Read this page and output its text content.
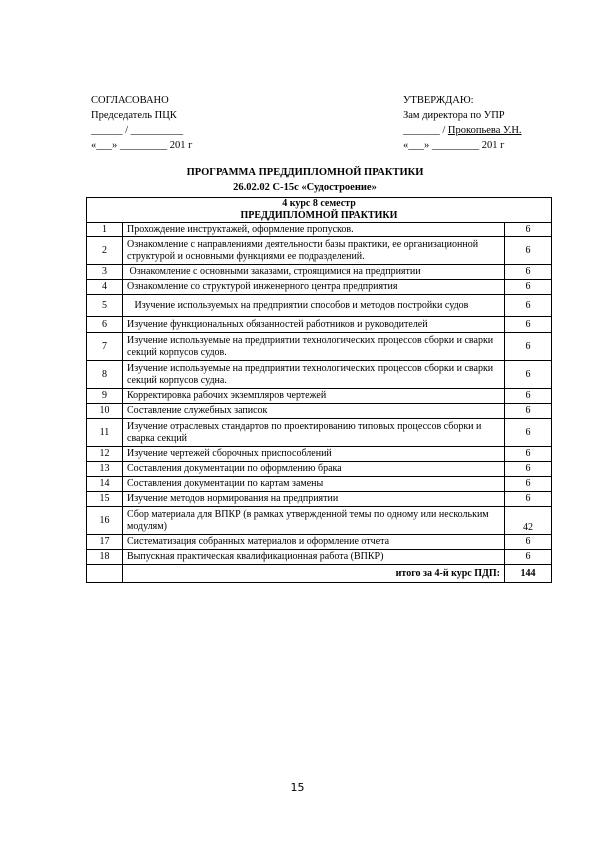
СОГЛАСОВАНО
Председатель ПЦК
______ / __________
«___» _________ 201 г
УТВЕРЖДАЮ:
Зам директора по УПР
_______ / Прокопьева У.Н.
«___» _________ 201 г
ПРОГРАММА ПРЕДДИПЛОМНОЙ ПРАКТИКИ
26.02.02 С-15с «Судостроение»
4 курс 8 семестр
ПРЕДДИПЛОМНОЙ ПРАКТИКИ		

1	Прохождение инструктажей, оформление пропусков.	6
2	Ознакомление с направлениями деятельности базы практики, ее организационной структурой и основными функциями ее подразделений.	6
3	Ознакомление с основными заказами, строящимися на предприятии	6
4	Ознакомление со структурой инженерного центра предприятия	6
5	Изучение используемых на предприятии способов и методов постройки судов	6
6	Изучение функциональных обязанностей работников и руководителей	6
7	Изучение используемые на предприятии технологических процессов сборки и сварки секций корпусов судов.	6
8	Изучение используемые на предприятии технологических процессов сборки и сварки секций корпусов судна.	6
9	Корректировка рабочих экземпляров чертежей	6
10	Составление служебных записок	6
11	Изучение отраслевых стандартов по проектированию типовых процессов сборки и сварка секций	6
12	Изучение чертежей сборочных приспособлений	6
13	Составления документации по оформлению брака	6
14	Составления документации по картам замены	6
15	Изучение методов нормирования на предприятии	6
16	Сбор материала для ВПКР (в рамках утвержденной темы по одному или нескольким модулям)	42
17	Систематизация собранных материалов и оформление отчета	6
18	Выпускная практическая квалификационная работа (ВПКР)	6
	итого за 4-й курс ПДП:	144
15
